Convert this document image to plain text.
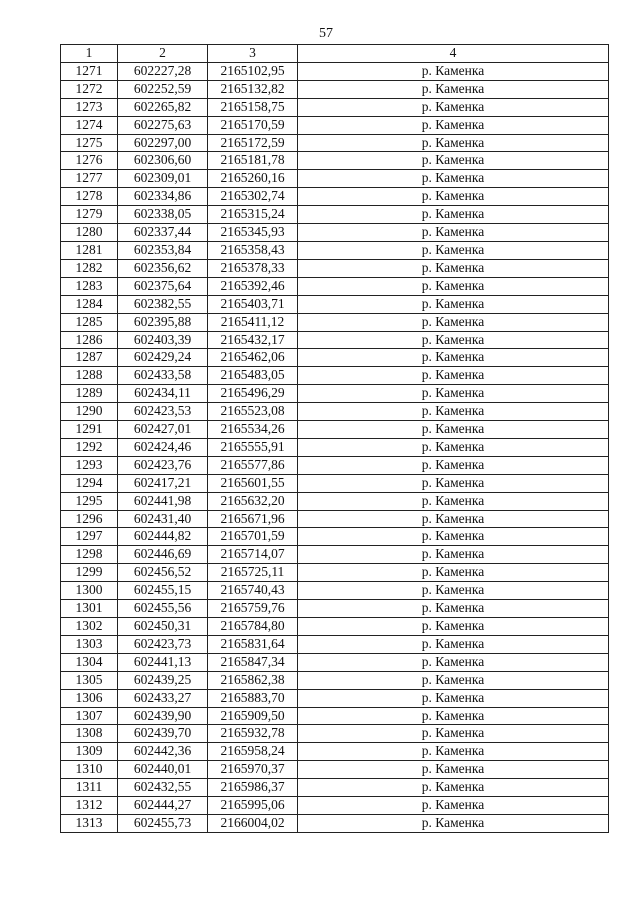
57
1	2	3	4
1271	602227,28	2165102,95	р. Каменка
1272	602252,59	2165132,82	р. Каменка
1273	602265,82	2165158,75	р. Каменка
1274	602275,63	2165170,59	р. Каменка
1275	602297,00	2165172,59	р. Каменка
1276	602306,60	2165181,78	р. Каменка
1277	602309,01	2165260,16	р. Каменка
1278	602334,86	2165302,74	р. Каменка
1279	602338,05	2165315,24	р. Каменка
1280	602337,44	2165345,93	р. Каменка
1281	602353,84	2165358,43	р. Каменка
1282	602356,62	2165378,33	р. Каменка
1283	602375,64	2165392,46	р. Каменка
1284	602382,55	2165403,71	р. Каменка
1285	602395,88	2165411,12	р. Каменка
1286	602403,39	2165432,17	р. Каменка
1287	602429,24	2165462,06	р. Каменка
1288	602433,58	2165483,05	р. Каменка
1289	602434,11	2165496,29	р. Каменка
1290	602423,53	2165523,08	р. Каменка
1291	602427,01	2165534,26	р. Каменка
1292	602424,46	2165555,91	р. Каменка
1293	602423,76	2165577,86	р. Каменка
1294	602417,21	2165601,55	р. Каменка
1295	602441,98	2165632,20	р. Каменка
1296	602431,40	2165671,96	р. Каменка
1297	602444,82	2165701,59	р. Каменка
1298	602446,69	2165714,07	р. Каменка
1299	602456,52	2165725,11	р. Каменка
1300	602455,15	2165740,43	р. Каменка
1301	602455,56	2165759,76	р. Каменка
1302	602450,31	2165784,80	р. Каменка
1303	602423,73	2165831,64	р. Каменка
1304	602441,13	2165847,34	р. Каменка
1305	602439,25	2165862,38	р. Каменка
1306	602433,27	2165883,70	р. Каменка
1307	602439,90	2165909,50	р. Каменка
1308	602439,70	2165932,78	р. Каменка
1309	602442,36	2165958,24	р. Каменка
1310	602440,01	2165970,37	р. Каменка
1311	602432,55	2165986,37	р. Каменка
1312	602444,27	2165995,06	р. Каменка
1313	602455,73	2166004,02	р. Каменка
